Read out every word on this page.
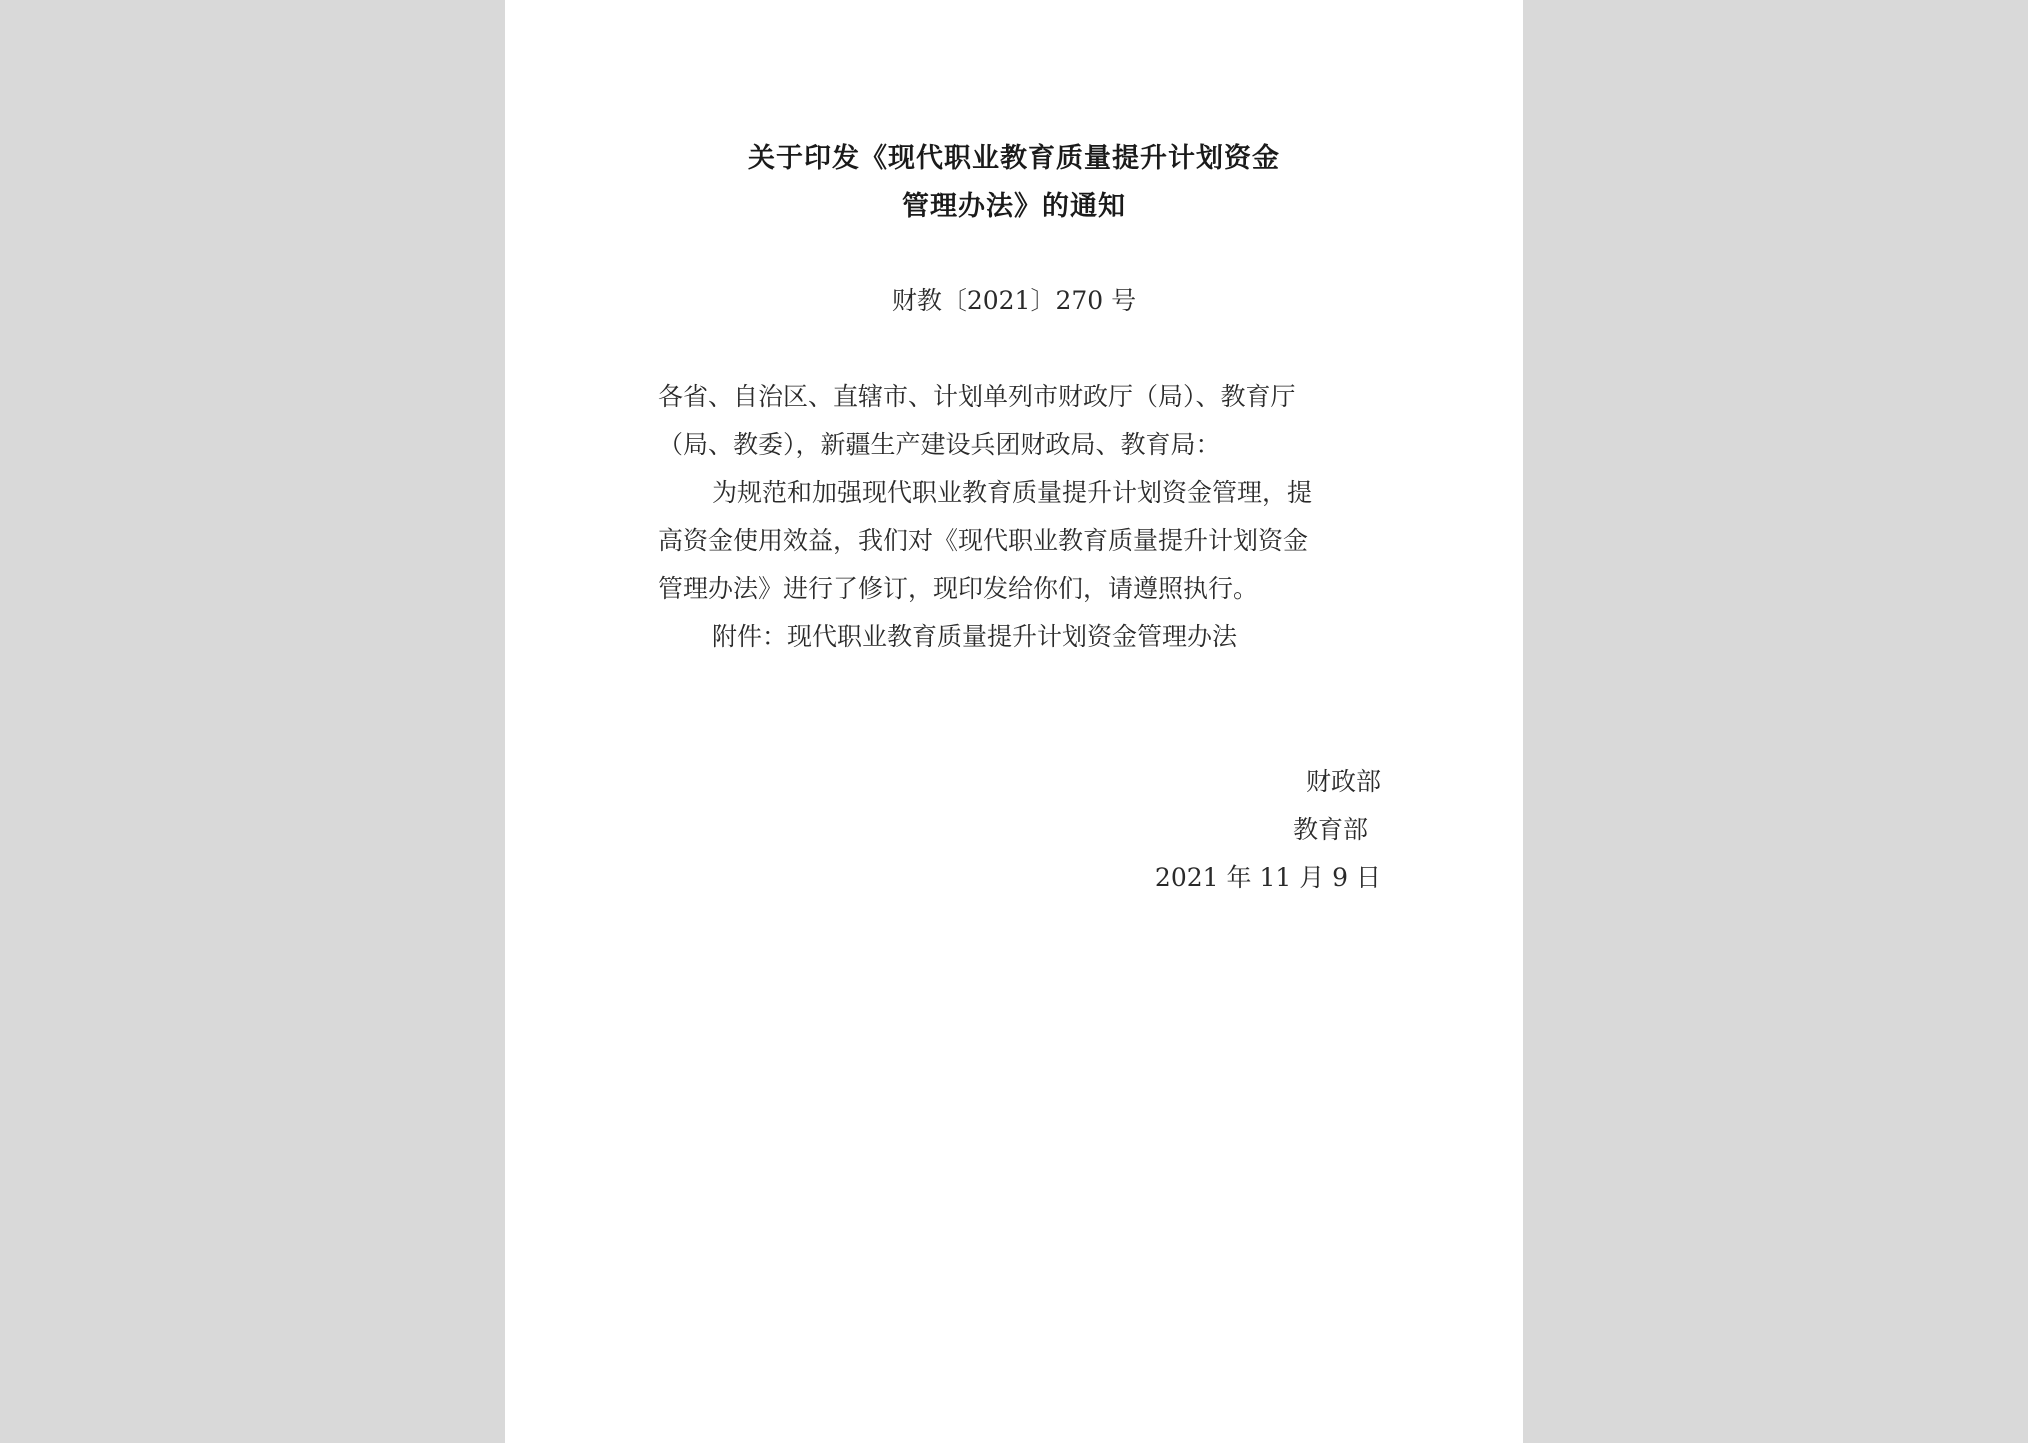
关于印发《现代职业教育质量提升计划资金
管理办法》的通知
财教〔2021〕270 号
各省、自治区、直辖市、计划单列市财政厅（局）、教育厅
（局、教委），新疆生产建设兵团财政局、教育局：
为规范和加强现代职业教育质量提升计划资金管理，提
高资金使用效益，我们对《现代职业教育质量提升计划资金
管理办法》进行了修订，现印发给你们，请遵照执行。
附件：现代职业教育质量提升计划资金管理办法
财政部
教育部
2021 年 11 月 9 日
